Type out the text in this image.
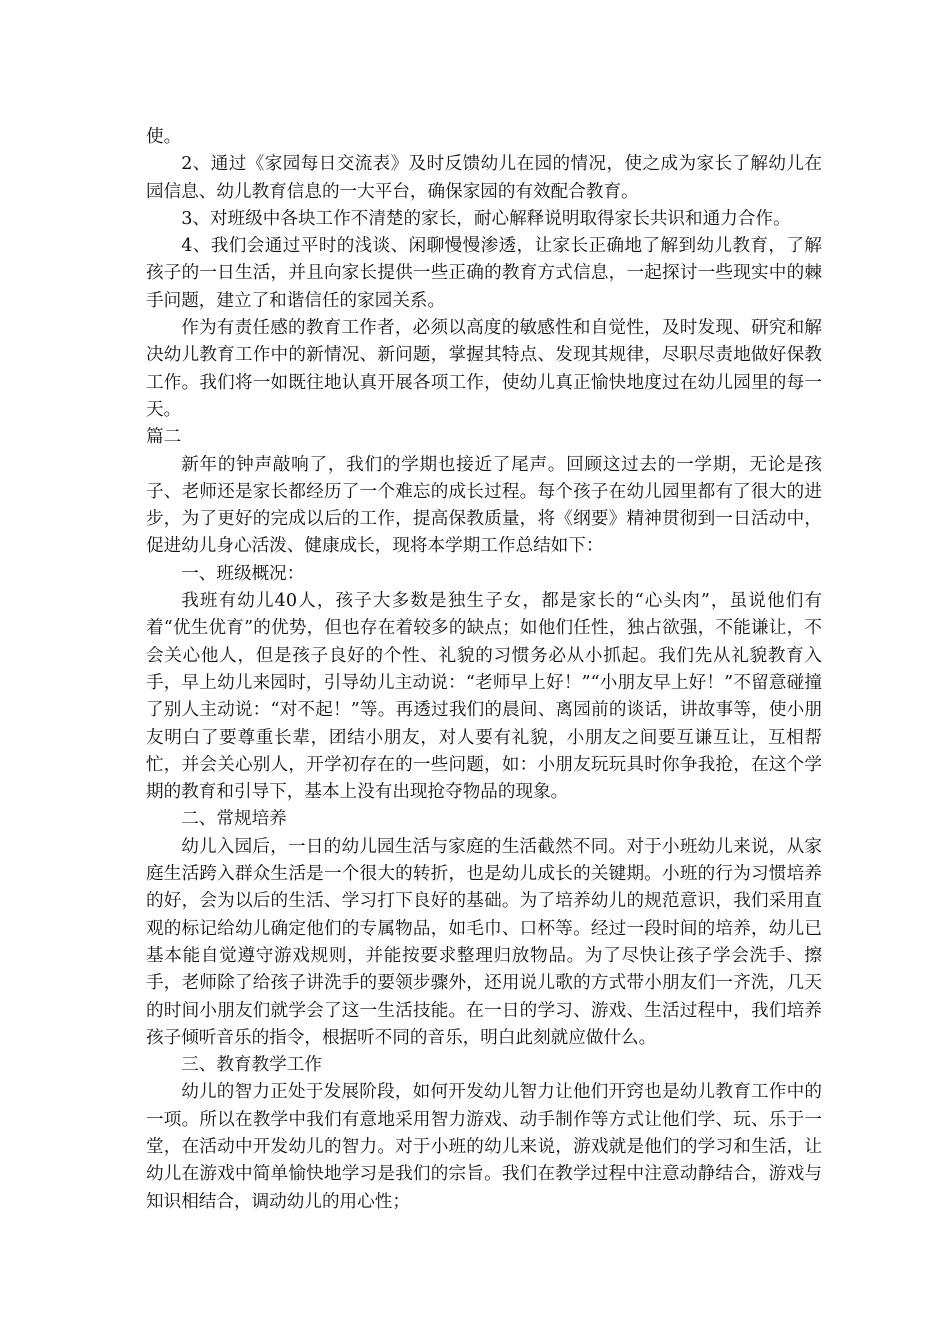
使。

2、通过《家园每日交流表》及时反馈幼儿在园的情况，使之成为家长了解幼儿在园信息、幼儿教育信息的一大平台，确保家园的有效配合教育。

3、对班级中各块工作不清楚的家长，耐心解释说明取得家长共识和通力合作。

4、我们会通过平时的浅谈、闲聊慢慢渗透，让家长正确地了解到幼儿教育，了解孩子的一日生活，并且向家长提供一些正确的教育方式信息，一起探讨一些现实中的棘手问题，建立了和谐信任的家园关系。

作为有责任感的教育工作者，必须以高度的敏感性和自觉性，及时发现、研究和解决幼儿教育工作中的新情况、新问题，掌握其特点、发现其规律，尽职尽责地做好保教工作。我们将一如既往地认真开展各项工作，使幼儿真正愉快地度过在幼儿园里的每一天。

篇二

新年的钟声敲响了，我们的学期也接近了尾声。回顾这过去的一学期，无论是孩子、老师还是家长都经历了一个难忘的成长过程。每个孩子在幼儿园里都有了很大的进步，为了更好的完成以后的工作，提高保教质量，将《纲要》精神贯彻到一日活动中，促进幼儿身心活泼、健康成长，现将本学期工作总结如下：

一、班级概况：

我班有幼儿40人，孩子大多数是独生子女，都是家长的“心头肉”，虽说他们有着“优生优育”的优势，但也存在着较多的缺点；如他们任性，独占欲强，不能谦让，不会关心他人，但是孩子良好的个性、礼貌的习惯务必从小抓起。我们先从礼貌教育入手，早上幼儿来园时，引导幼儿主动说：“老师早上好！”“小朋友早上好！”不留意碰撞了别人主动说：“对不起！”等。再透过我们的晨间、离园前的谈话，讲故事等，使小朋友明白了要尊重长辈，团结小朋友，对人要有礼貌，小朋友之间要互谦互让，互相帮忙，并会关心别人，开学初存在的一些问题，如：小朋友玩玩具时你争我抢，在这个学期的教育和引导下，基本上没有出现抢夺物品的现象。

二、常规培养

幼儿入园后，一日的幼儿园生活与家庭的生活截然不同。对于小班幼儿来说，从家庭生活跨入群众生活是一个很大的转折，也是幼儿成长的关键期。小班的行为习惯培养的好，会为以后的生活、学习打下良好的基础。为了培养幼儿的规范意识，我们采用直观的标记给幼儿确定他们的专属物品，如毛巾、口杯等。经过一段时间的培养，幼儿已基本能自觉遵守游戏规则，并能按要求整理归放物品。为了尽快让孩子学会洗手、擦手，老师除了给孩子讲洗手的要领步骤外，还用说儿歌的方式带小朋友们一齐洗，几天的时间小朋友们就学会了这一生活技能。在一日的学习、游戏、生活过程中，我们培养孩子倾听音乐的指令，根据听不同的音乐，明白此刻就应做什么。

三、教育教学工作

幼儿的智力正处于发展阶段，如何开发幼儿智力让他们开窍也是幼儿教育工作中的一项。所以在教学中我们有意地采用智力游戏、动手制作等方式让他们学、玩、乐于一堂，在活动中开发幼儿的智力。对于小班的幼儿来说，游戏就是他们的学习和生活，让幼儿在游戏中简单愉快地学习是我们的宗旨。我们在教学过程中注意动静结合，游戏与知识相结合，调动幼儿的用心性；
